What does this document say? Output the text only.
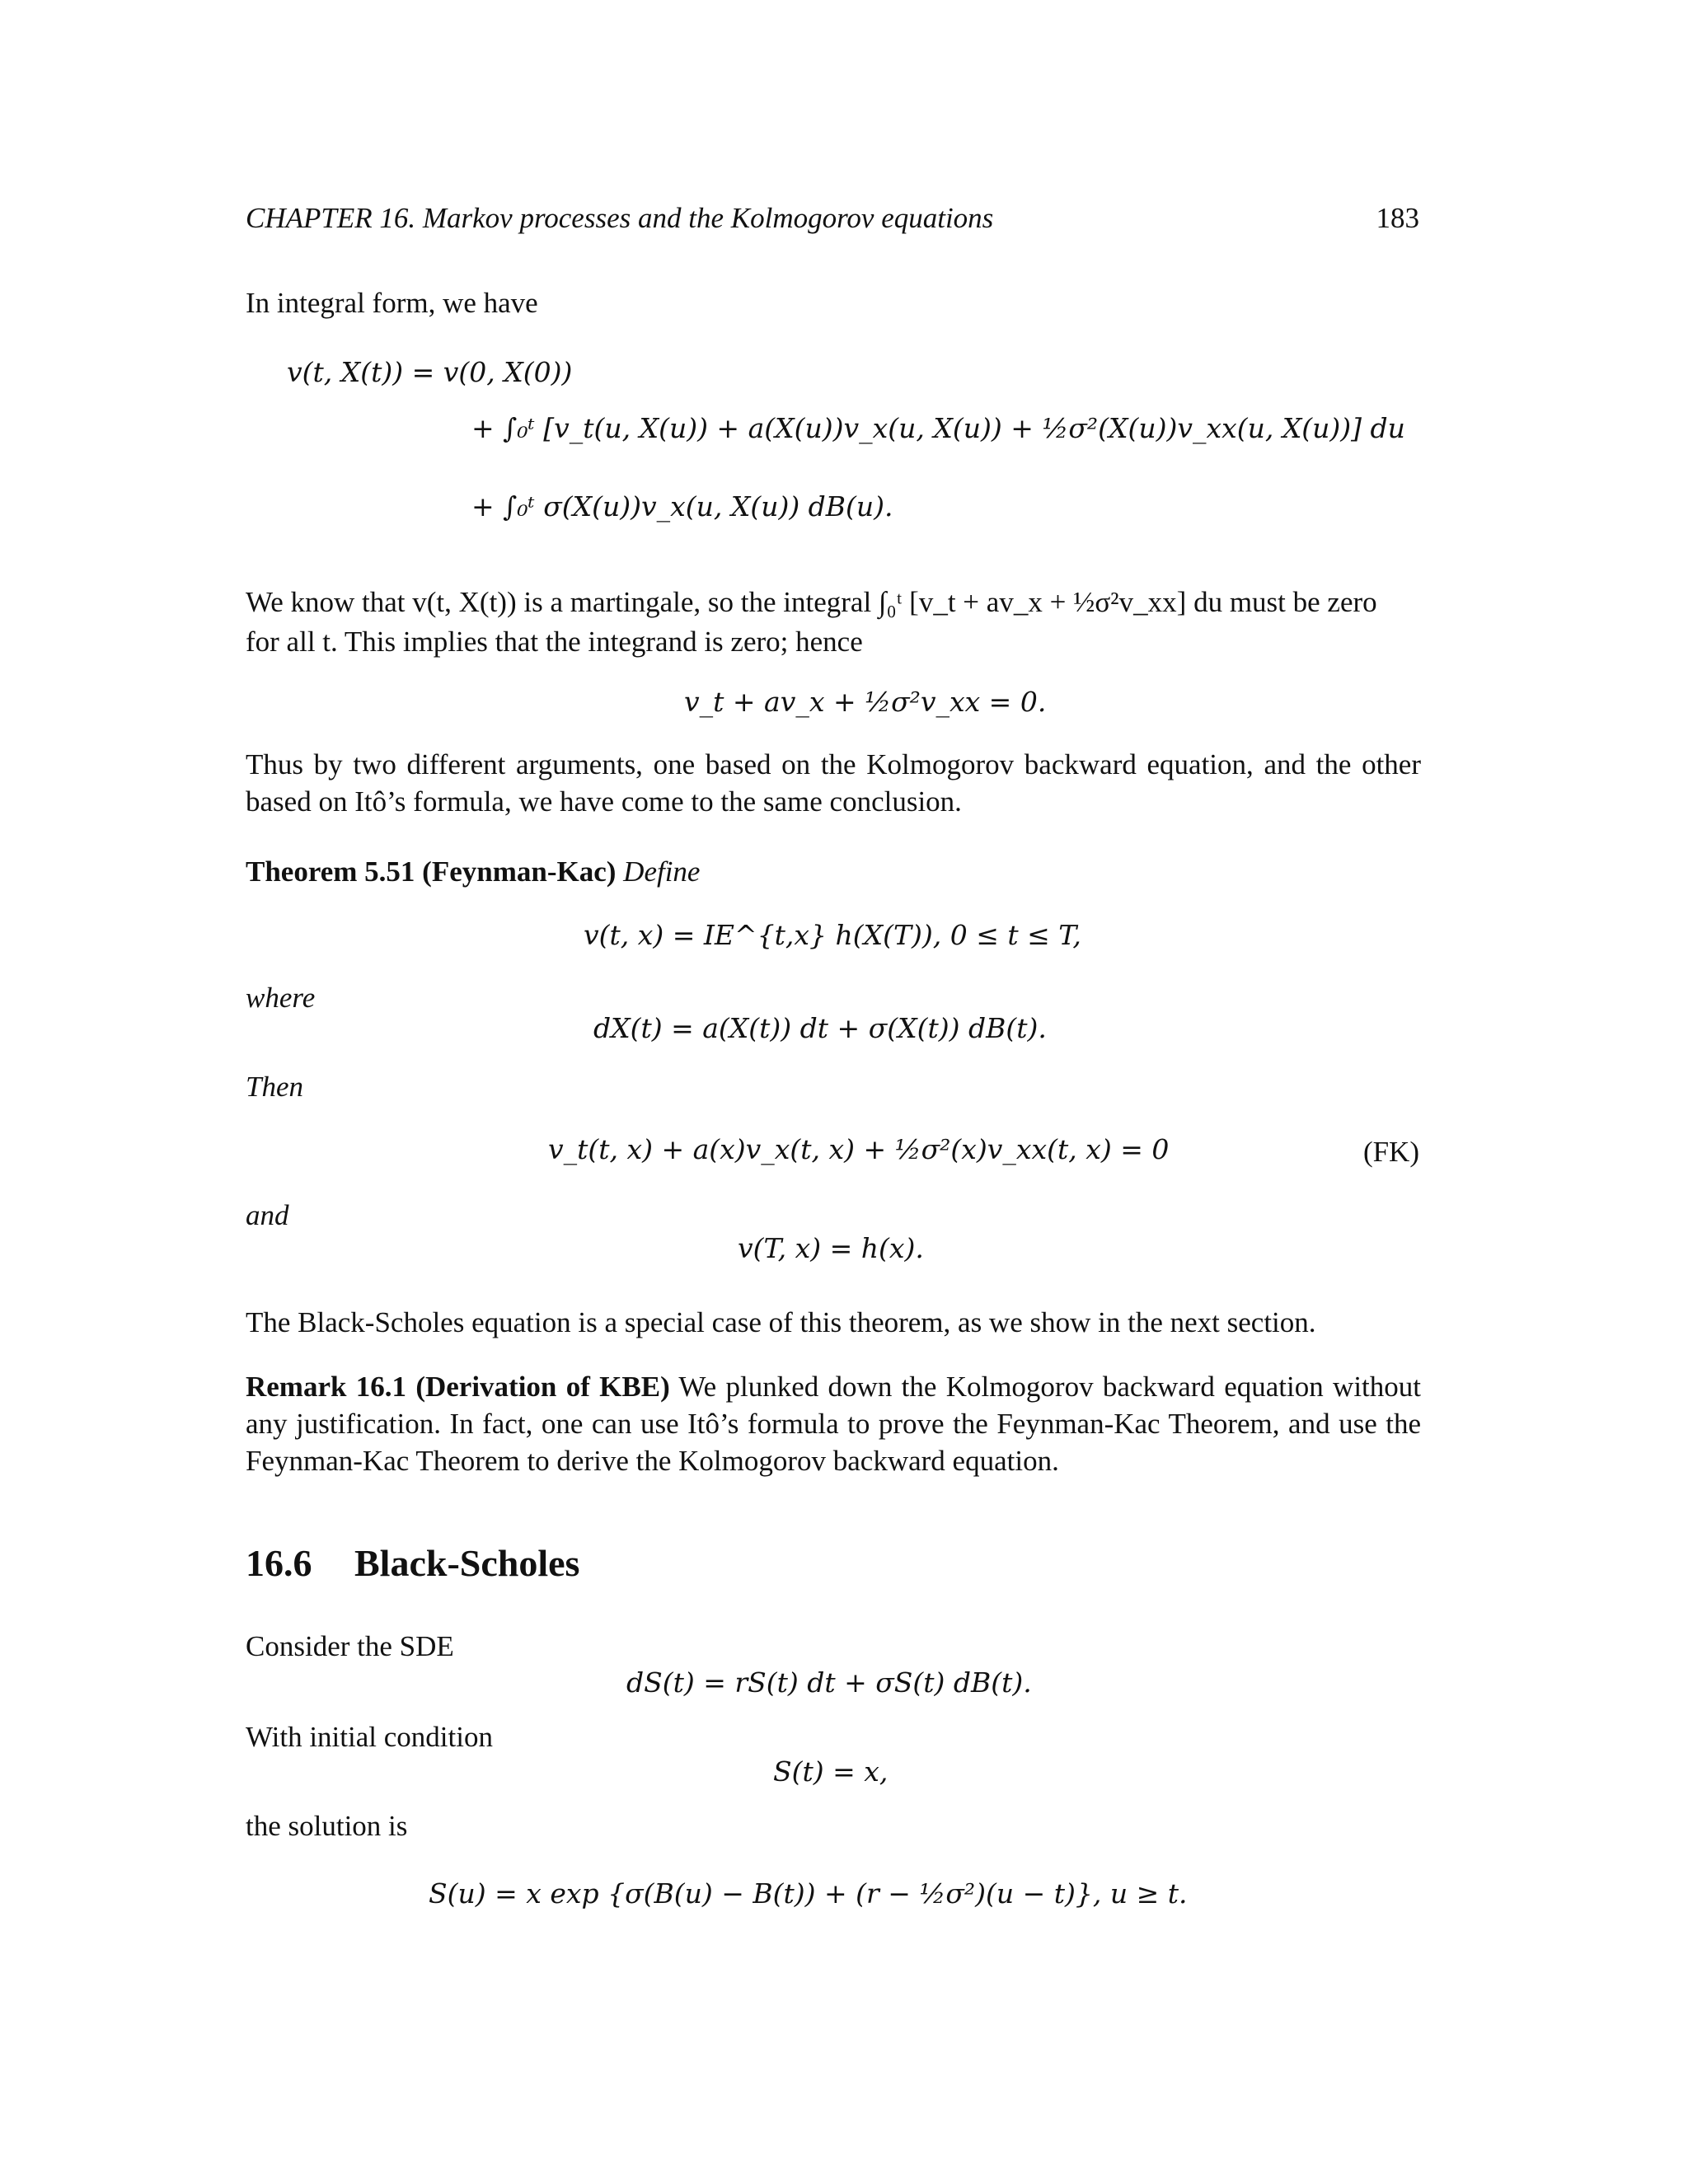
CHAPTER 16. Markov processes and the Kolmogorov equations	183
In integral form, we have
v(t, X(t)) = v(0, X(0))
+ ∫₀ᵗ [v_t(u, X(u)) + a(X(u))v_x(u, X(u)) + ½σ²(X(u))v_xx(u, X(u))] du
+ ∫₀ᵗ σ(X(u))v_x(u, X(u)) dB(u).
We know that v(t, X(t)) is a martingale, so the integral ∫₀ᵗ [v_t + av_x + ½σ²v_xx] du must be zero
for all t. This implies that the integrand is zero; hence
v_t + av_x + ½σ²v_xx = 0.
Thus by two different arguments, one based on the Kolmogorov backward equation, and the other based on Itô’s formula, we have come to the same conclusion.
Theorem 5.51 (Feynman-Kac) Define
v(t, x) = IE^{t,x} h(X(T)), 0 ≤ t ≤ T,
where
dX(t) = a(X(t)) dt + σ(X(t)) dB(t).
Then
v_t(t, x) + a(x)v_x(t, x) + ½σ²(x)v_xx(t, x) = 0	(FK)
and
v(T, x) = h(x).
The Black-Scholes equation is a special case of this theorem, as we show in the next section.
Remark 16.1 (Derivation of KBE) We plunked down the Kolmogorov backward equation without any justification. In fact, one can use Itô’s formula to prove the Feynman-Kac Theorem, and use the Feynman-Kac Theorem to derive the Kolmogorov backward equation.
16.6 Black-Scholes
Consider the SDE
dS(t) = rS(t) dt + σS(t) dB(t).
With initial condition
S(t) = x,
the solution is
S(u) = x exp {σ(B(u) − B(t)) + (r − ½σ²)(u − t)}, u ≥ t.
